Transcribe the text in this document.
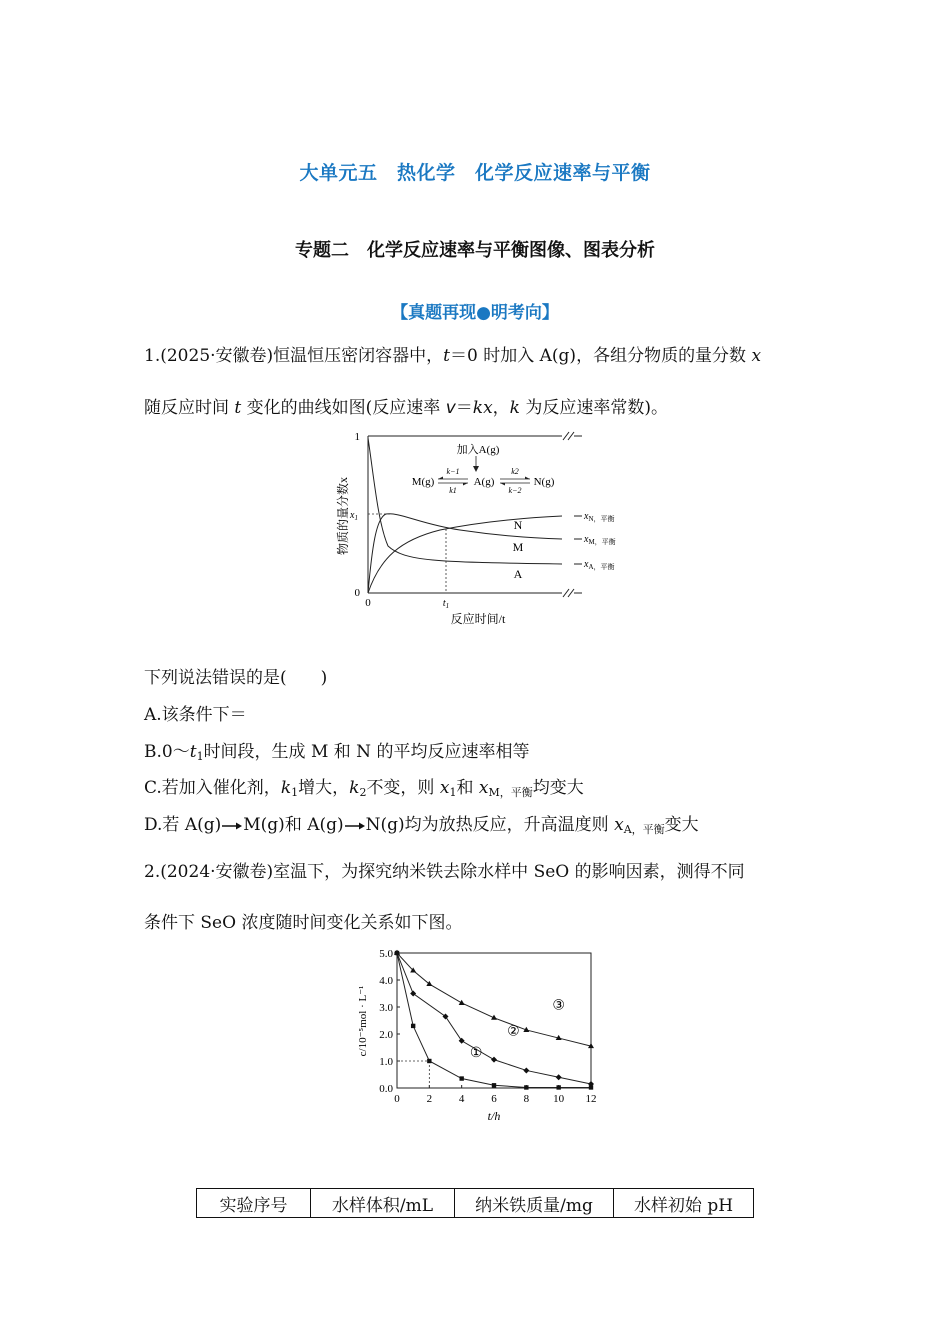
大单元五　热化学　化学反应速率与平衡
专题二　化学反应速率与平衡图像、图表分析
【真题再现●明考向】
1.(2025·安徽卷)恒温恒压密闭容器中，t＝0 时加入 A(g)，各组分物质的量分数 x
随反应时间 t 变化的曲线如图(反应速率 v＝kx，k 为反应速率常数)。
1
$x_1$
0
0	$t_1$
反应时间/t
物质的量分数x
加入A(g)
M(g)	A(g)	N(g)
k−1
k1
k2
k−2
N
M
A
$x_{N,平衡}$
$x_{M,平衡}$
$x_{A,平衡}$
下列说法错误的是(　　)
A.该条件下＝
$B.0\sim t_1$时间段，生成 M 和 N 的平均反应速率相等
C.若加入催化剂，$k_1$增大，$k_2$不变，则 $x_1$和 $x_{M,平衡}$均变大
D.若 A(g) M(g)和 A(g) N(g)均为放热反应，升高温度则 $x_{A,平衡}$变大
2.(2024·安徽卷)室温下，为探究纳米铁去除水样中 SeO 的影响因素，测得不同
条件下 SeO 浓度随时间变化关系如下图。
0 2 4 6 8 10 12
0.0
1.0
2.0
3.0
4.0
5.0
①
②
③
t/h
c/10⁻⁵mol · L⁻¹
实验序号	水样体积/mL	纳米铁质量/mg	水样初始 pH
